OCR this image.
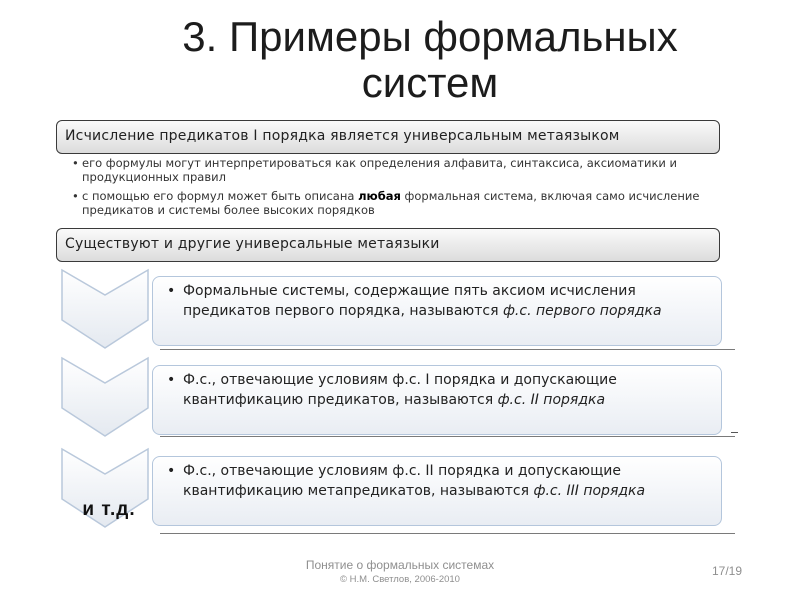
3. Примеры формальных систем
Исчисление предикатов I порядка является универсальным метаязыком
• его формулы могут интерпретироваться как определения алфавита, синтаксиса, аксиоматики и продукционных правил
• с помощью его формул может быть описана любая формальная система, включая само исчисление предикатов и системы более высоких порядков
Существуют и другие универсальные метаязыки
и т.д.
• Формальные системы, содержащие пять аксиом исчисления предикатов первого порядка, называются ф.с. первого порядка
• Ф.с., отвечающие условиям ф.с. I порядка и допускающие квантификацию предикатов, называются ф.с. II порядка
• Ф.с., отвечающие условиям ф.с. II порядка и допускающие квантификацию метапредикатов, называются ф.с. III порядка
Понятие о формальных системах
© Н.М. Светлов, 2006-2010
17/19
